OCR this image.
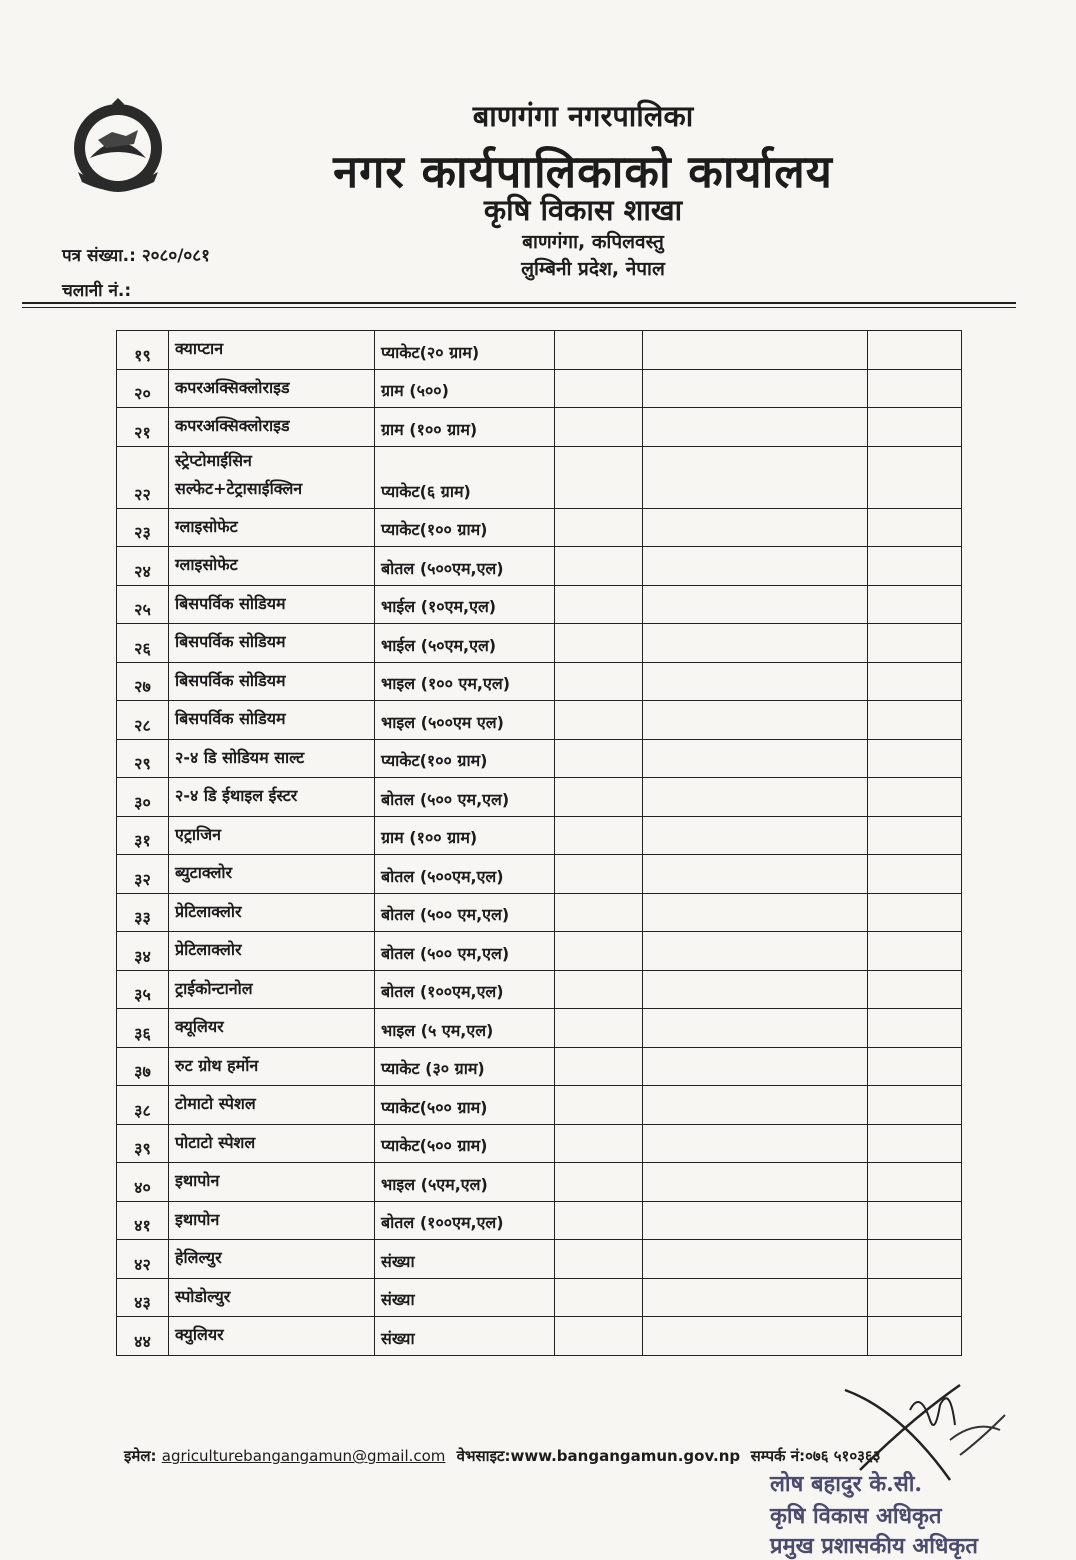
बाणगंगा नगरपालिका
नगर कार्यपालिकाको कार्यालय
कृषि विकास शाखा
बाणगंगा, कपिलवस्तु
लुम्बिनी प्रदेश, नेपाल
पत्र संख्या.: २०८०/०८१
चलानी नं.:
१९	क्याप्टान	प्याकेट(२० ग्राम)			
२०	कपरअक्सिक्लोराइड	ग्राम (५००)			
२१	कपरअक्सिक्लोराइड	ग्राम (१०० ग्राम)			
२२	स्ट्रेप्टोमाईसिन सल्फेट+टेट्रासाईक्लिन	प्याकेट(६ ग्राम)			
२३	ग्लाइसोफेट	प्याकेट(१०० ग्राम)			
२४	ग्लाइसोफेट	बोतल (५००एम,एल)			
२५	बिसपर्विक सोडियम	भाईल (१०एम,एल)			
२६	बिसपर्विक सोडियम	भाईल (५०एम,एल)			
२७	बिसपर्विक सोडियम	भाइल (१०० एम,एल)			
२८	बिसपर्विक सोडियम	भाइल (५००एम एल)			
२९	२-४ डि सोडियम साल्ट	प्याकेट(१०० ग्राम)			
३०	२-४ डि ईथाइल ईस्टर	बोतल (५०० एम,एल)			
३१	एट्राजिन	ग्राम (१०० ग्राम)			
३२	ब्युटाक्लोर	बोतल (५००एम,एल)			
३३	प्रेटिलाक्लोर	बोतल (५०० एम,एल)			
३४	प्रेटिलाक्लोर	बोतल (५०० एम,एल)			
३५	ट्राईकोन्टानोल	बोतल (१००एम,एल)			
३६	क्यूलियर	भाइल (५ एम,एल)			
३७	रुट ग्रोथ हर्मोन	प्याकेट (३० ग्राम)			
३८	टोमाटो स्पेशल	प्याकेट(५०० ग्राम)			
३९	पोटाटो स्पेशल	प्याकेट(५०० ग्राम)			
४०	इथापोन	भाइल (५एम,एल)			
४१	इथापोन	बोतल (१००एम,एल)			
४२	हेलिल्युर	संख्या			
४३	स्पोडोल्युर	संख्या			
४४	क्युलियर	संख्या			
इमेल: agriculturebangangamun@gmail.com वेभसाइट:www.bangangamun.gov.np सम्पर्क नं:०७६ ५१०३६३
लोष बहादुर के.सी.
कृषि विकास अधिकृत
प्रमुख प्रशासकीय अधिकृत
